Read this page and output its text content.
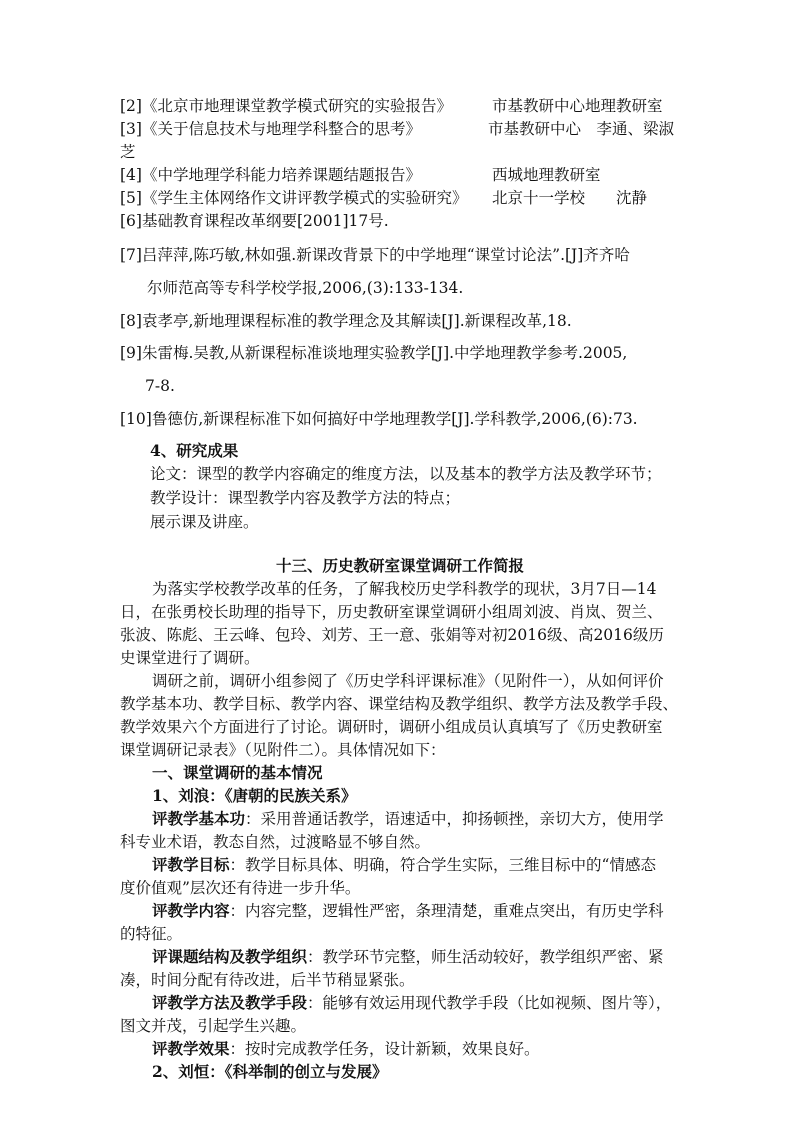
[2]《北京市地理课堂教学模式研究的实验报告》	市基教研中心地理教研室
[3]《关于信息技术与地理学科整合的思考》	市基教研中心　李通、梁淑
芝
[4]《中学地理学科能力培养课题结题报告》	西城地理教研室
[5]《学生主体网络作文讲评教学模式的实验研究》 北京十一学校　　沈静
[6]基础教育课程改革纲要[2001]17号.
[7]吕萍萍,陈巧敏,林如强.新课改背景下的中学地理“课堂讨论法”.[J]齐齐哈
尔师范高等专科学校学报,2006,(3):133-134.
[8]袁孝亭,新地理课程标准的教学理念及其解读[J].新课程改革,18.
[9]朱雷梅.吴教,从新课程标准谈地理实验教学[J].中学地理教学参考.2005,
7-8.
[10]鲁德仿,新课程标准下如何搞好中学地理教学[J].学科教学,2006,(6):73.
4、研究成果
论文：课型的教学内容确定的维度方法，以及基本的教学方法及教学环节；
教学设计：课型教学内容及教学方法的特点；
展示课及讲座。
十三、历史教研室课堂调研工作简报
为落实学校教学改革的任务，了解我校历史学科教学的现状，3月7日—14
日，在张勇校长助理的指导下，历史教研室课堂调研小组周刘波、肖岚、贺兰、
张波、陈彪、王云峰、包玲、刘芳、王一意、张娟等对初2016级、高2016级历
史课堂进行了调研。
调研之前，调研小组参阅了《历史学科评课标准》（见附件一），从如何评价
教学基本功、教学目标、教学内容、课堂结构及教学组织、教学方法及教学手段、
教学效果六个方面进行了讨论。调研时，调研小组成员认真填写了《历史教研室
课堂调研记录表》（见附件二）。具体情况如下：
一、课堂调研的基本情况
1、刘浪：《唐朝的民族关系》
评教学基本功：采用普通话教学，语速适中，抑扬顿挫，亲切大方，使用学
科专业术语，教态自然，过渡略显不够自然。
评教学目标：教学目标具体、明确，符合学生实际，三维目标中的“情感态
度价值观”层次还有待进一步升华。
评教学内容：内容完整，逻辑性严密，条理清楚，重难点突出，有历史学科
的特征。
评课题结构及教学组织：教学环节完整，师生活动较好，教学组织严密、紧
凑，时间分配有待改进，后半节稍显紧张。
评教学方法及教学手段：能够有效运用现代教学手段（比如视频、图片等），
图文并茂，引起学生兴趣。
评教学效果：按时完成教学任务，设计新颖，效果良好。
2、刘恒：《科举制的创立与发展》
